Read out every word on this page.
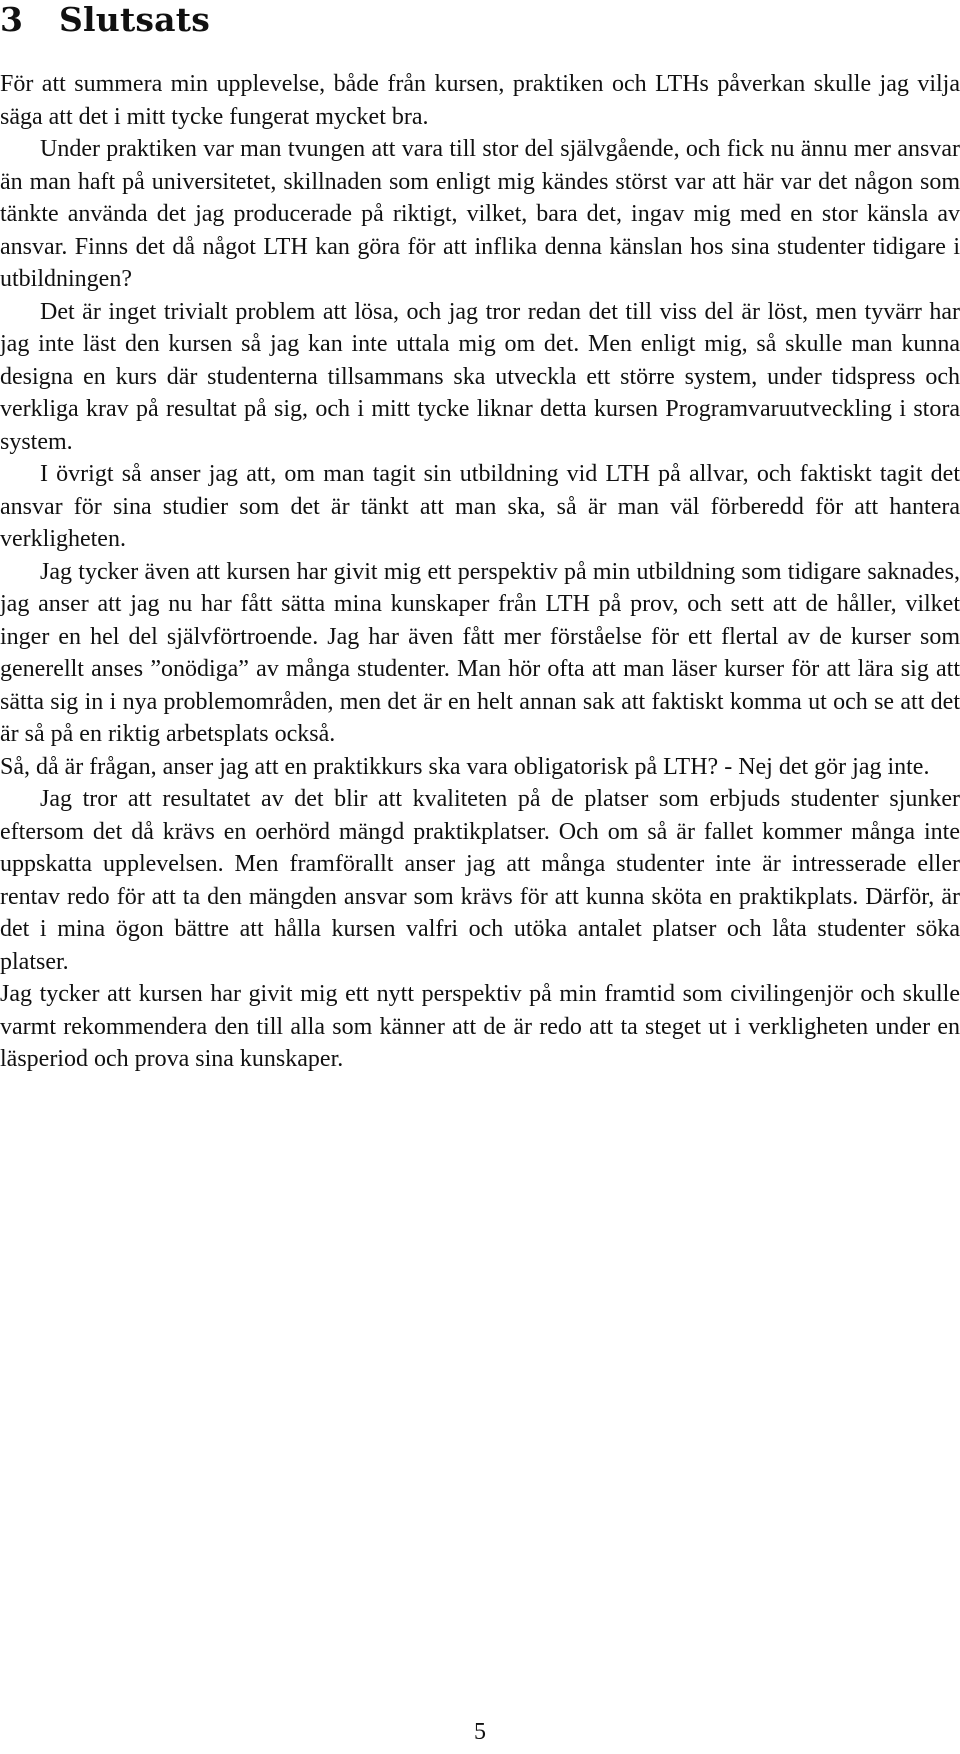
3 Slutsats

För att summera min upplevelse, både från kursen, praktiken och LTHs påverkan skulle jag vilja säga att det i mitt tycke fungerat mycket bra.

Under praktiken var man tvungen att vara till stor del självgående, och fick nu ännu mer ansvar än man haft på universitetet, skillnaden som enligt mig kändes störst var att här var det någon som tänkte använda det jag producerade på riktigt, vilket, bara det, ingav mig med en stor känsla av ansvar. Finns det då något LTH kan göra för att inflika denna känslan hos sina studenter tidigare i utbildningen?

Det är inget trivialt problem att lösa, och jag tror redan det till viss del är löst, men tyvärr har jag inte läst den kursen så jag kan inte uttala mig om det. Men enligt mig, så skulle man kunna designa en kurs där studenterna tillsammans ska utveckla ett större system, under tidspress och verkliga krav på resultat på sig, och i mitt tycke liknar detta kursen Programvaruutveckling i stora system.

I övrigt så anser jag att, om man tagit sin utbildning vid LTH på allvar, och faktiskt tagit det ansvar för sina studier som det är tänkt att man ska, så är man väl förberedd för att hantera verkligheten.

Jag tycker även att kursen har givit mig ett perspektiv på min utbildning som tidigare saknades, jag anser att jag nu har fått sätta mina kunskaper från LTH på prov, och sett att de håller, vilket inger en hel del självförtroende. Jag har även fått mer förståelse för ett flertal av de kurser som generellt anses ”onödiga” av många studenter. Man hör ofta att man läser kurser för att lära sig att sätta sig in i nya problemområden, men det är en helt annan sak att faktiskt komma ut och se att det är så på en riktig arbetsplats också.

Så, då är frågan, anser jag att en praktikkurs ska vara obligatorisk på LTH? - Nej det gör jag inte.

Jag tror att resultatet av det blir att kvaliteten på de platser som erbjuds studenter sjunker eftersom det då krävs en oerhörd mängd praktikplatser. Och om så är fallet kommer många inte uppskatta upplevelsen. Men framförallt anser jag att många studenter inte är intresserade eller rentav redo för att ta den mängden ansvar som krävs för att kunna sköta en praktikplats. Därför, är det i mina ögon bättre att hålla kursen valfri och utöka antalet platser och låta studenter söka platser.

Jag tycker att kursen har givit mig ett nytt perspektiv på min framtid som civilingenjör och skulle varmt rekommendera den till alla som känner att de är redo att ta steget ut i verkligheten under en läsperiod och prova sina kunskaper.

5
